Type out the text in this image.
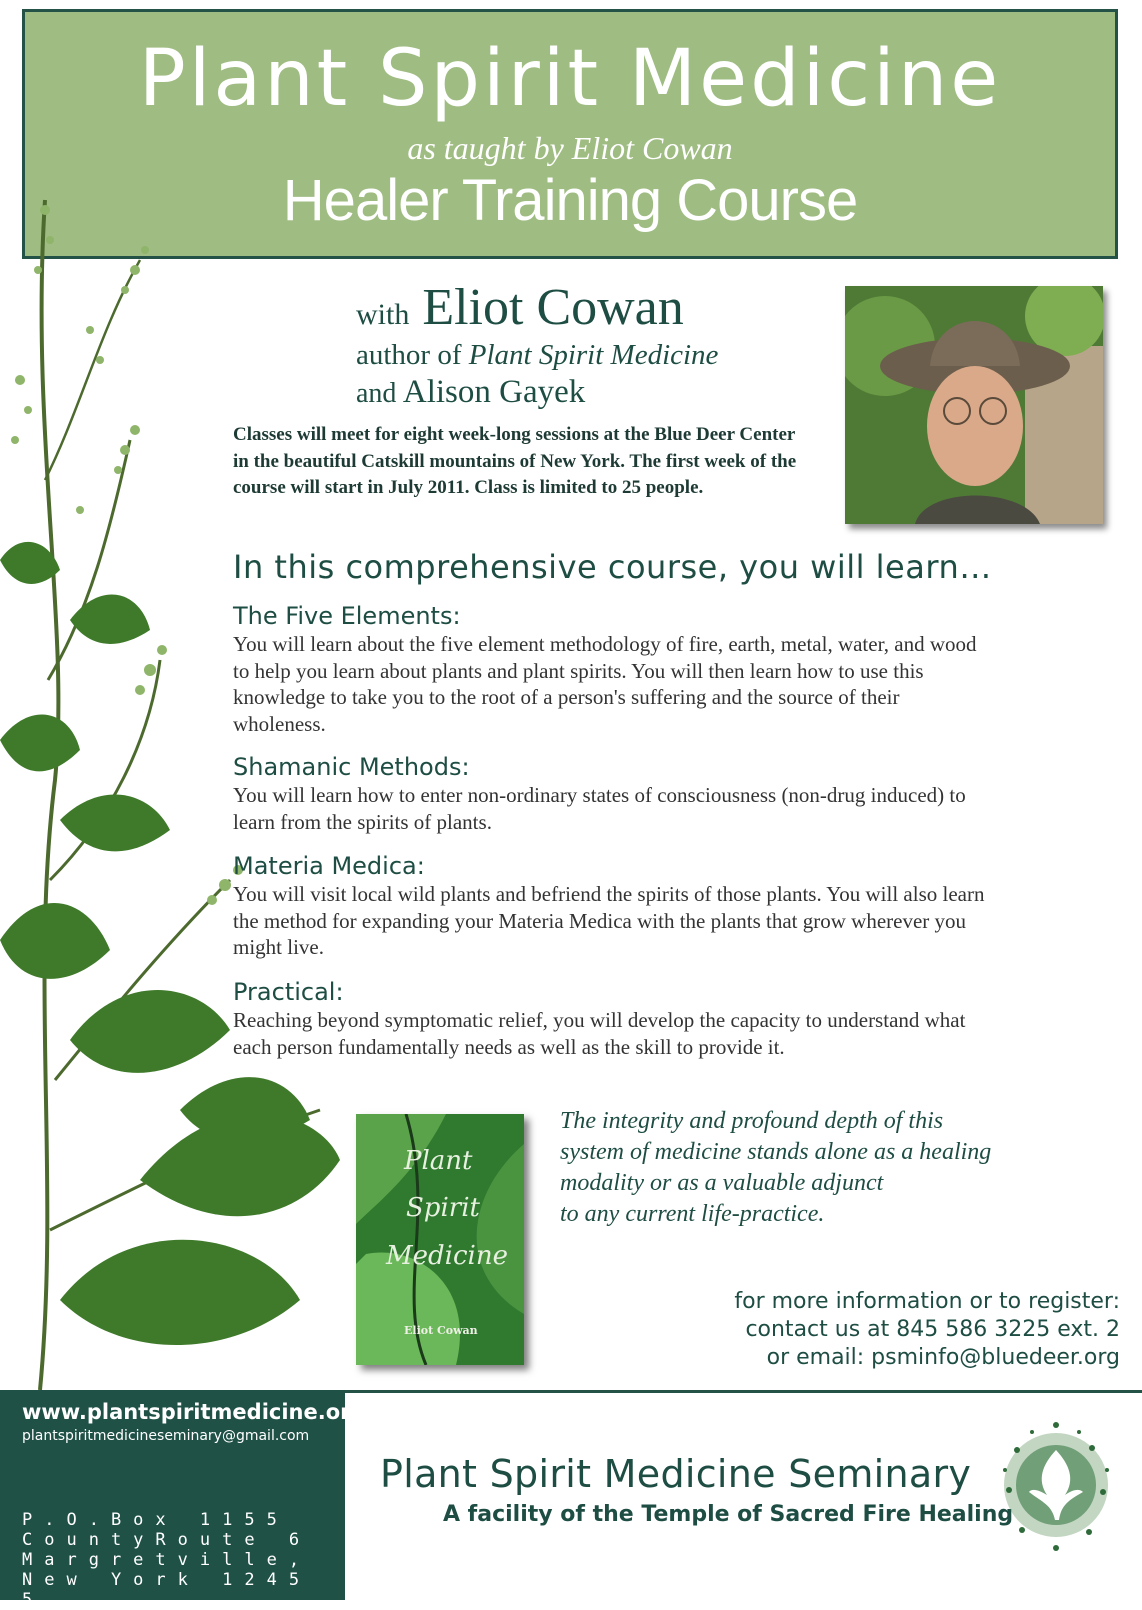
Plant Spirit Medicine
as taught by Eliot Cowan
Healer Training Course
with Eliot Cowan
author of Plant Spirit Medicine
and Alison Gayek
Classes will meet for eight week-long sessions at the Blue Deer Center in the beautiful Catskill mountains of New York. The first week of the course will start in July 2011. Class is limited to 25 people.
In this comprehensive course, you will learn…
The Five Elements:
You will learn about the five element methodology of fire, earth, metal, water, and wood to help you learn about plants and plant spirits. You will then learn how to use this knowledge to take you to the root of a person's suffering and the source of their wholeness.
Shamanic Methods:
You will learn how to enter non-ordinary states of consciousness (non-drug induced) to learn from the spirits of plants.
Materia Medica:
You will visit local wild plants and befriend the spirits of those plants. You will also learn the method for expanding your Materia Medica with the plants that grow wherever you might live.
Practical:
Reaching beyond symptomatic relief, you will develop the capacity to understand what each person fundamentally needs as well as the skill to provide it.
Plant
Spirit
Medicine
Eliot Cowan
The integrity and profound depth of this
system of medicine stands alone as a healing
modality or as a valuable adjunct
to any current life-practice.
for more information or to register:
contact us at 845 586 3225 ext. 2
or email: psminfo@bluedeer.org
www.plantspiritmedicine.org
plantspiritmedicineseminary@gmail.com
P.O.Box 1155 CountyRoute 6 Margretville, New York 12455
Plant Spirit Medicine Seminary
A facility of the Temple of Sacred Fire Healing
